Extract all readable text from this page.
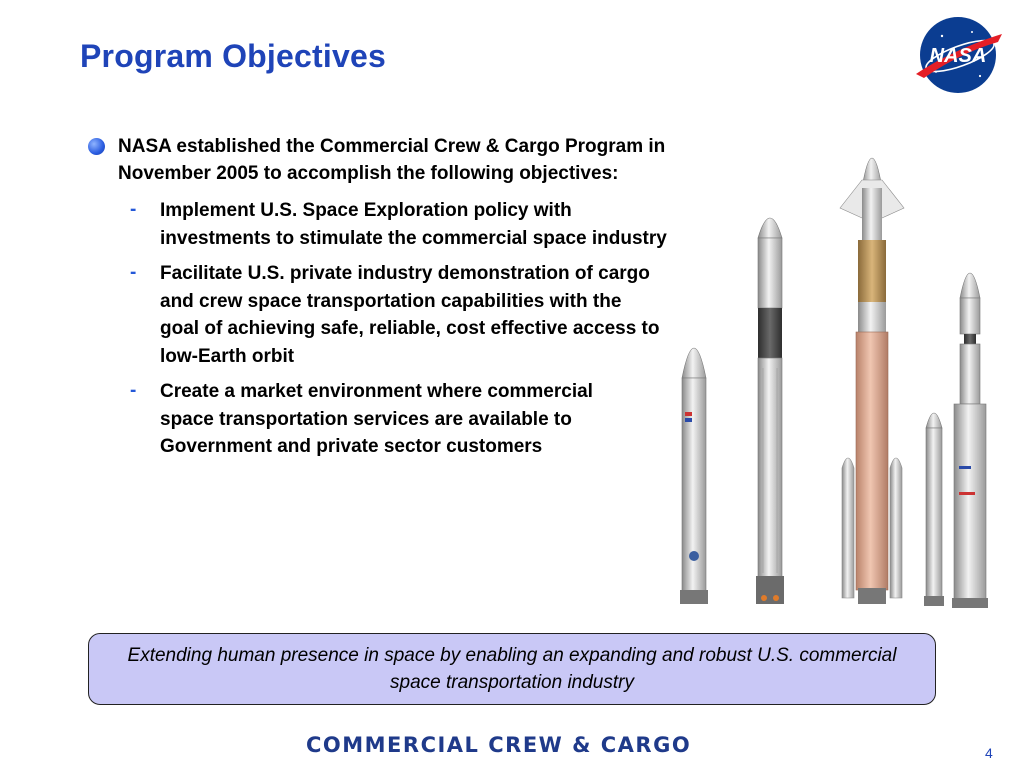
Program Objectives	NASA
NASA established the Commercial Crew & Cargo Program in November 2005 to accomplish the following objectives:
- Implement U.S. Space Exploration policy with investments to stimulate the commercial space industry
- Facilitate U.S. private industry demonstration of cargo
and crew space transportation capabilities with the
goal of achieving safe, reliable, cost effective access to low-Earth orbit
- Create a market environment where commercial
space transportation services are available to Government and private sector customers
Extending human presence in space by enabling an expanding and robust U.S. commercial space transportation industry
COMMERCIAL CREW & CARGO	4
